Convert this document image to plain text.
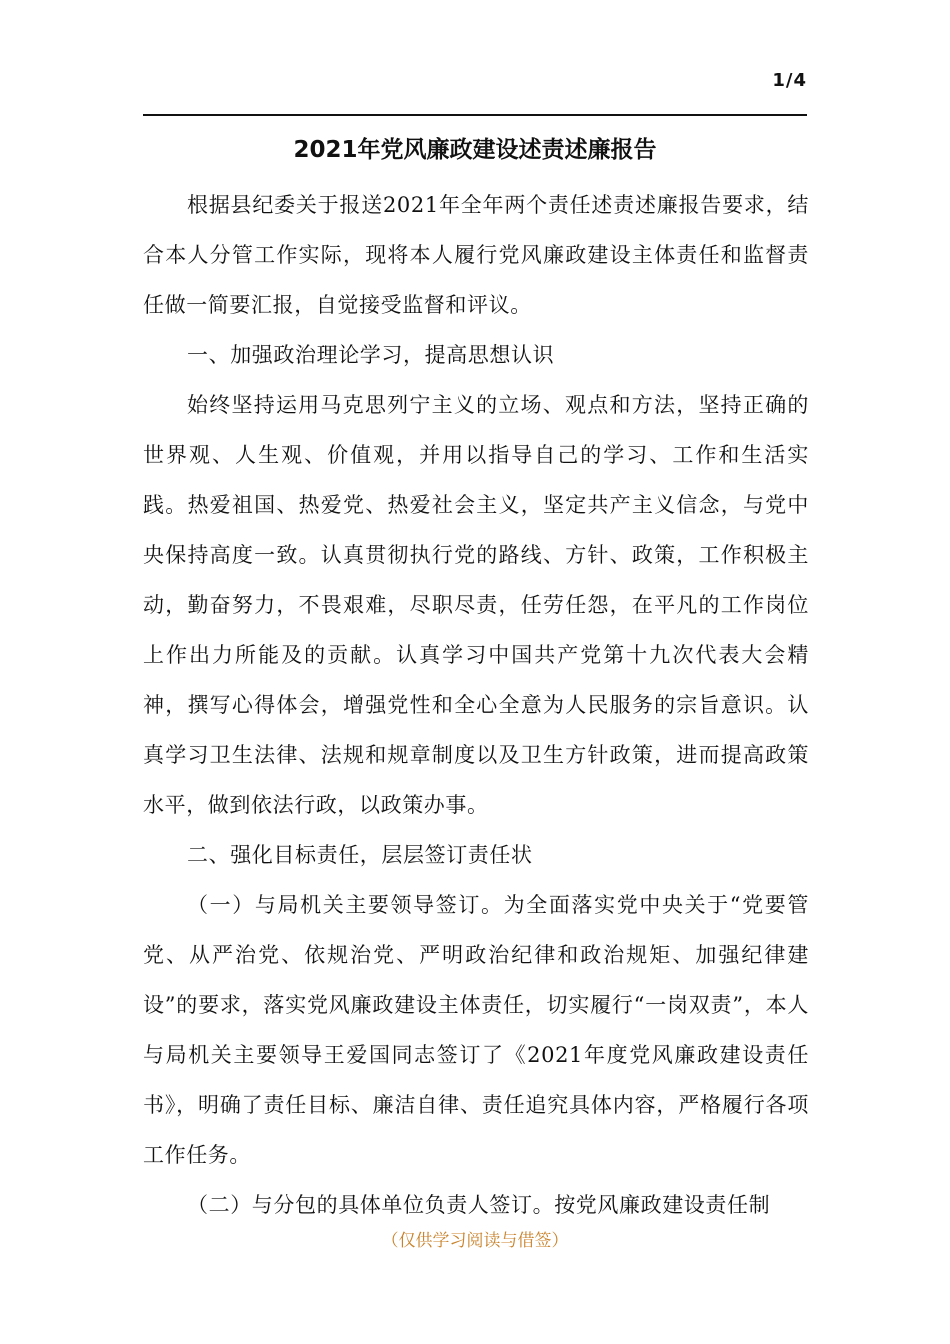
1/4
2021年党风廉政建设述责述廉报告

根据县纪委关于报送2021年全年两个责任述责述廉报告要求，结合本人分管工作实际，现将本人履行党风廉政建设主体责任和监督责任做一简要汇报，自觉接受监督和评议。

一、加强政治理论学习，提高思想认识

始终坚持运用马克思列宁主义的立场、观点和方法，坚持正确的世界观、人生观、价值观，并用以指导自己的学习、工作和生活实践。热爱祖国、热爱党、热爱社会主义，坚定共产主义信念，与党中央保持高度一致。认真贯彻执行党的路线、方针、政策，工作积极主动，勤奋努力，不畏艰难，尽职尽责，任劳任怨，在平凡的工作岗位上作出力所能及的贡献。认真学习中国共产党第十九次代表大会精神，撰写心得体会，增强党性和全心全意为人民服务的宗旨意识。认真学习卫生法律、法规和规章制度以及卫生方针政策，进而提高政策水平，做到依法行政，以政策办事。

二、强化目标责任，层层签订责任状

（一）与局机关主要领导签订。为全面落实党中央关于“党要管党、从严治党、依规治党、严明政治纪律和政治规矩、加强纪律建设”的要求，落实党风廉政建设主体责任，切实履行“一岗双责”，本人与局机关主要领导王爱国同志签订了《2021年度党风廉政建设责任书》，明确了责任目标、廉洁自律、责任追究具体内容，严格履行各项工作任务。

（二）与分包的具体单位负责人签订。按党风廉政建设责任制

（仅供学习阅读与借签）
